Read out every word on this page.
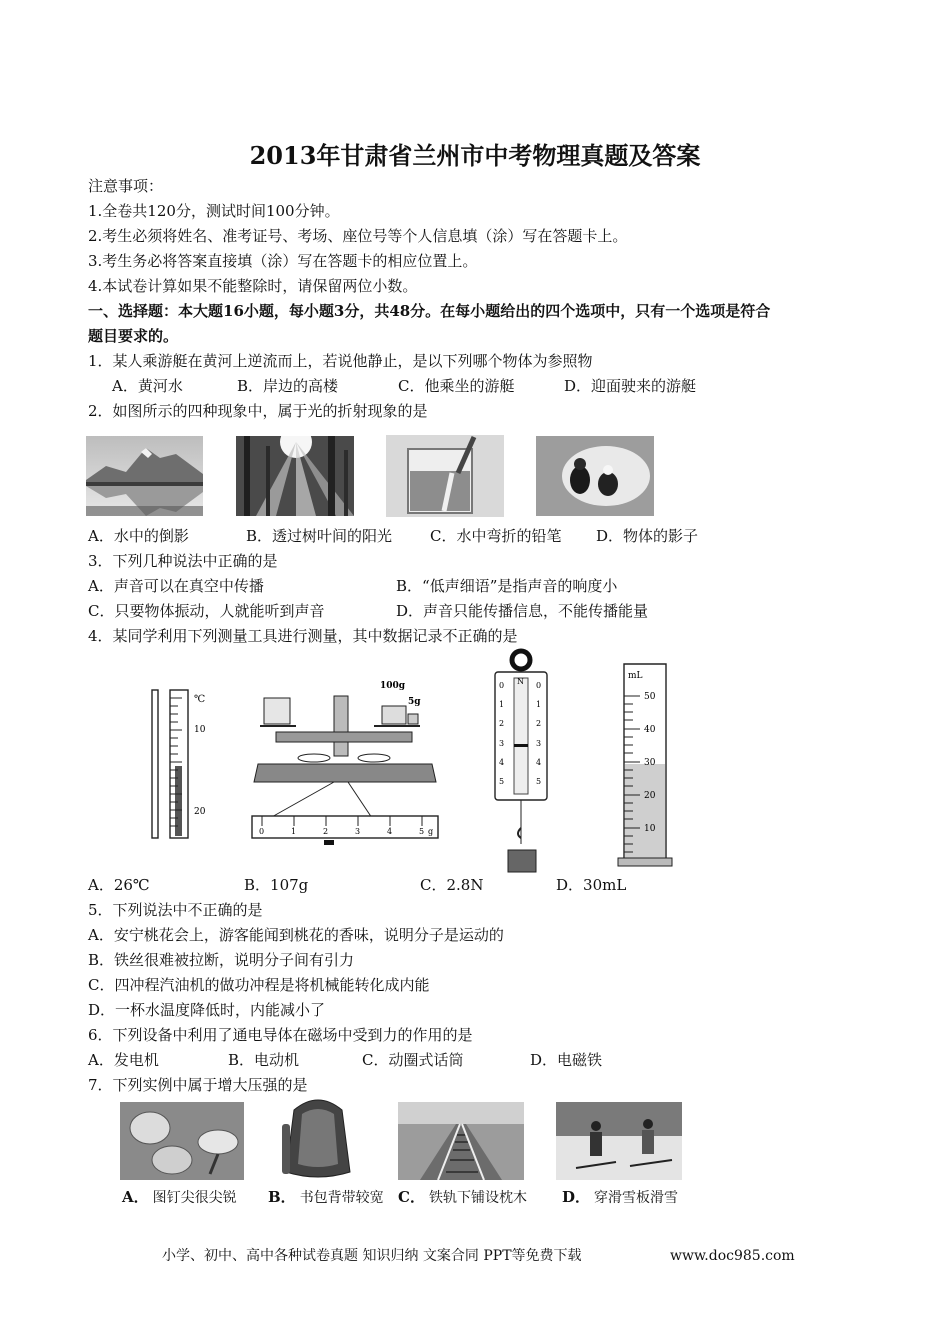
2013年甘肃省兰州市中考物理真题及答案
注意事项：
1.全卷共120分，测试时间100分钟。
2.考生必须将姓名、准考证号、考场、座位号等个人信息填（涂）写在答题卡上。
3.考生务必将答案直接填（涂）写在答题卡的相应位置上。
4.本试卷计算如果不能整除时，请保留两位小数。
一、选择题：本大题16小题，每小题3分，共48分。在每小题给出的四个选项中，只有一个选项是符合
题目要求的。
1．某人乘游艇在黄河上逆流而上，若说他静止，是以下列哪个物体为参照物
A．黄河水	B．岸边的高楼	C．他乘坐的游艇	D．迎面驶来的游艇
2．如图所示的四种现象中，属于光的折射现象的是
A．水中的倒影	B．透过树叶间的阳光	C．水中弯折的铅笔 D．物体的影子
3．下列几种说法中正确的是
A．声音可以在真空中传播	B．“低声细语”是指声音的响度小
C．只要物体振动，人就能听到声音	D．声音只能传播信息，不能传播能量
4．某同学利用下列测量工具进行测量，其中数据记录不正确的是
℃
10
20
100g
5g
0	1	2	3	4	5 g
N
0
1
2
3
4
5
0
1
2
3
4
5
mL
50
40
30
20
10
A．26℃	B．107g	C．2.8N	D．30mL
5．下列说法中不正确的是
A．安宁桃花会上，游客能闻到桃花的香味，说明分子是运动的
B．铁丝很难被拉断，说明分子间有引力
C．四冲程汽油机的做功冲程是将机械能转化成内能
D．一杯水温度降低时，内能减小了
6．下列设备中利用了通电导体在磁场中受到力的作用的是
A．发电机	B．电动机	C．动圈式话筒	D．电磁铁
7．下列实例中属于增大压强的是
A． 图钉尖很尖锐 B． 书包背带较宽 C． 铁轨下铺设枕木 D． 穿滑雪板滑雪
小学、初中、高中各种试卷真题 知识归纳 文案合同 PPT等免费下载	www.doc985.com
